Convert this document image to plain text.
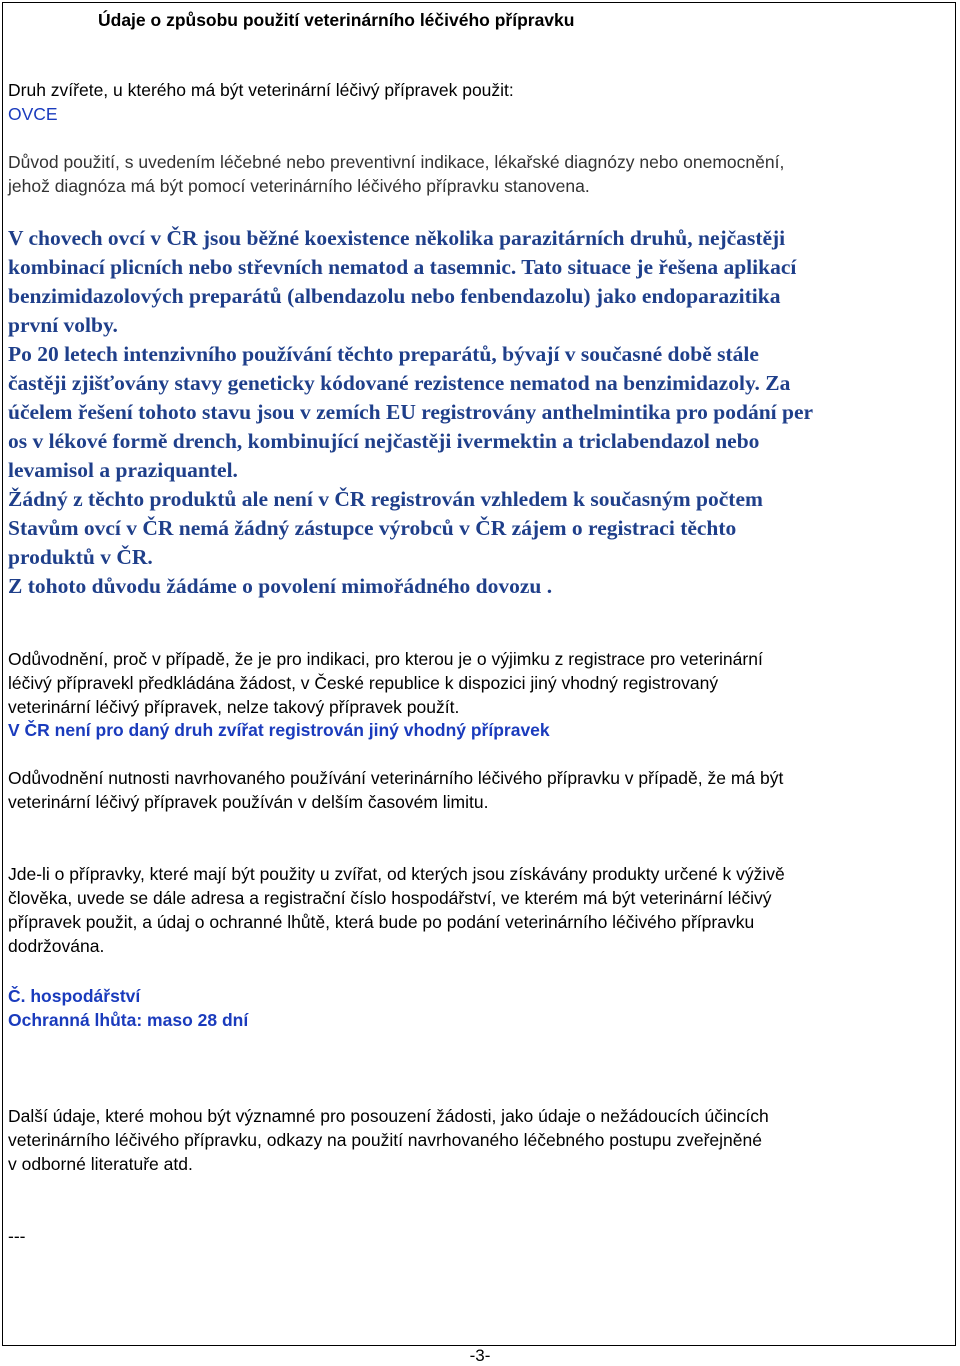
Údaje o způsobu použití veterinárního léčivého přípravku

Druh zvířete, u kterého má být veterinární léčivý přípravek použit:

OVCE

Důvod použití, s uvedením léčebné nebo preventivní indikace, lékařské diagnózy nebo onemocnění,
jehož diagnóza má být pomocí veterinárního léčivého přípravku stanovena.

V chovech ovcí v ČR jsou běžné koexistence několika parazitárních druhů, nejčastěji
kombinací plicních nebo střevních nematod a tasemnic. Tato situace je řešena aplikací
benzimidazolových preparátů (albendazolu nebo fenbendazolu) jako endoparazitika
první volby.
Po 20 letech intenzivního používání těchto preparátů, bývají v současné době stále
častěji zjišťovány stavy geneticky kódované rezistence nematod na benzimidazoly. Za
účelem řešení tohoto stavu jsou v zemích EU registrovány anthelmintika pro podání per
os v lékové formě drench, kombinující nejčastěji ivermektin a triclabendazol nebo
levamisol a praziquantel.
Žádný z těchto produktů ale není v ČR registrován vzhledem k současným počtem
Stavům ovcí v ČR nemá žádný zástupce výrobců v ČR zájem o registraci těchto
produktů v ČR.
Z tohoto důvodu žádáme o povolení mimořádného dovozu .

Odůvodnění, proč v případě, že je pro indikaci, pro kterou je o výjimku z registrace pro veterinární
léčivý přípravekl předkládána žádost, v České republice k dispozici jiný vhodný registrovaný
veterinární léčivý přípravek, nelze takový přípravek použít.

V ČR není pro daný druh zvířat registrován jiný vhodný přípravek

Odůvodnění nutnosti navrhovaného používání veterinárního léčivého přípravku v případě, že má být
veterinární léčivý přípravek používán v delším časovém limitu.

Jde-li o přípravky, které mají být použity u zvířat, od kterých jsou získávány produkty určené k výživě
člověka, uvede se dále adresa a registrační číslo hospodářství, ve kterém má být veterinární léčivý
přípravek použit, a údaj o ochranné lhůtě, která bude po podání veterinárního léčivého přípravku
dodržována.

Č. hospodářství

Ochranná lhůta: maso 28 dní

Další údaje, které mohou být významné pro posouzení žádosti, jako údaje o nežádoucích účincích
veterinárního léčivého přípravku, odkazy na použití navrhovaného léčebného postupu zveřejněné
v odborné literatuře atd.

---

-3-
